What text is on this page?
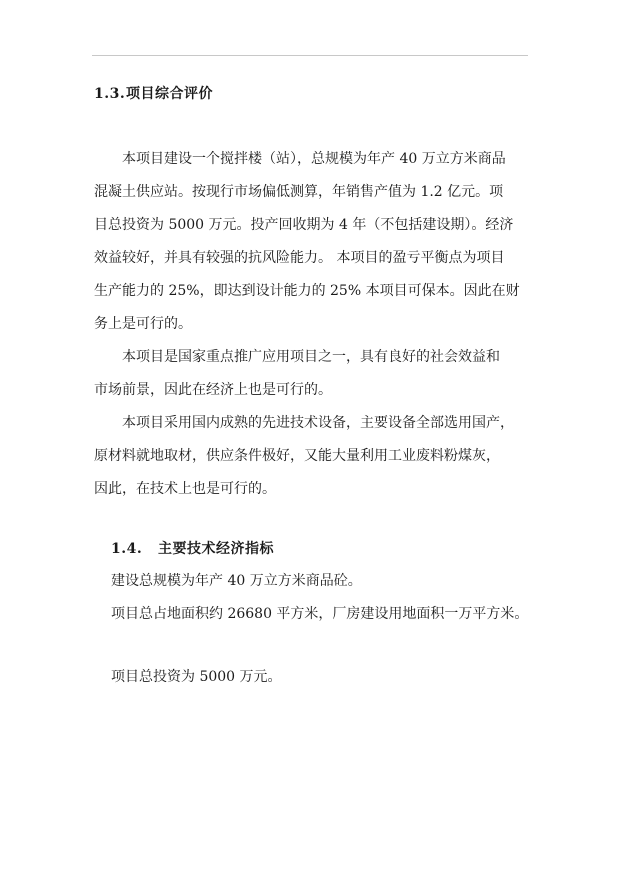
1.3.项目综合评价
本项目建设一个搅拌楼（站），总规模为年产 40 万立方米商品
混凝土供应站。按现行市场偏低测算，年销售产值为 1.2 亿元。项
目总投资为 5000 万元。投产回收期为 4 年（不包括建设期）。经济
效益较好，并具有较强的抗风险能力。 本项目的盈亏平衡点为项目
生产能力的 25%，即达到设计能力的 25% 本项目可保本。因此在财
务上是可行的。
本项目是国家重点推广应用项目之一，具有良好的社会效益和
市场前景，因此在经济上也是可行的。
本项目采用国内成熟的先进技术设备，主要设备全部选用国产，
原材料就地取材，供应条件极好，又能大量利用工业废料粉煤灰，
因此，在技术上也是可行的。
1.4. 主要技术经济指标
建设总规模为年产 40 万立方米商品砼。
项目总占地面积约 26680 平方米，厂房建设用地面积一万平方米。
项目总投资为 5000 万元。
